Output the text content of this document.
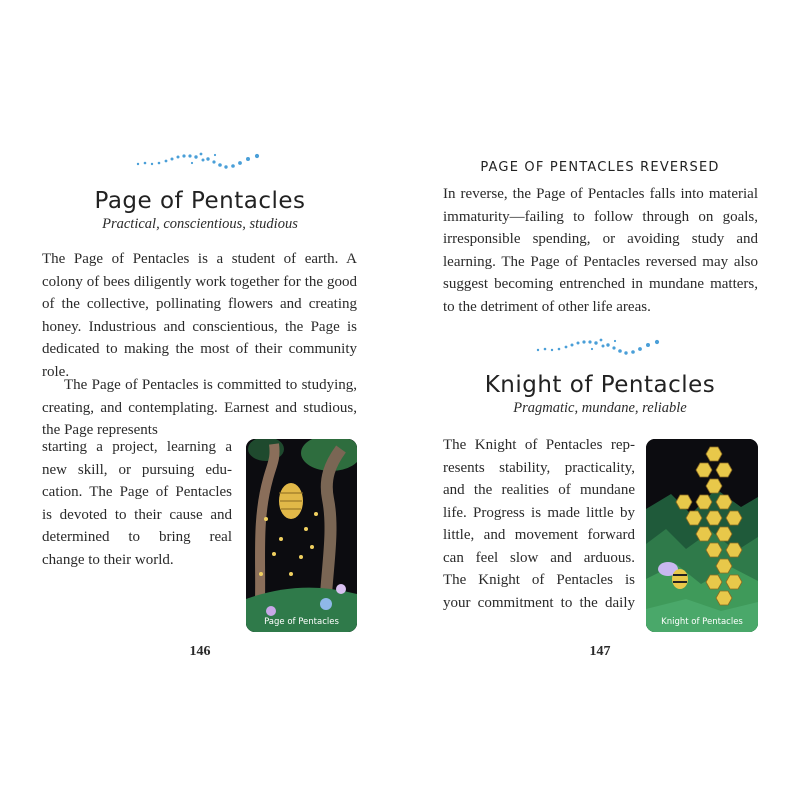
Page of Pentacles

Practical, conscientious, studious

The Page of Pentacles is a student of earth. A colony of bees diligently work together for the good of the collective, pollinating flowers and creating honey. Industrious and conscientious, the Page is dedicated to making the most of their community role.

The Page of Pentacles is committed to studying, creating, and contemplating. Earnest and studious, the Page represents

starting a project, learning a
new skill, or pursuing edu-
cation. The Page of Pentacles
is devoted to their cause and
determined to bring real
change to their world.
Page of Pentacles
146

PAGE OF PENTACLES REVERSED

In reverse, the Page of Pentacles falls into material immaturity—failing to follow through on goals, irresponsible spending, or avoiding study and learning. The Page of Pentacles reversed may also suggest becoming entrenched in mundane matters, to the detriment of other life areas.

Knight of Pentacles

Pragmatic, mundane, reliable

The Knight of Pentacles rep-
resents stability, practicality,
and the realities of mundane
life. Progress is made little by
little, and movement forward
can feel slow and arduous.
The Knight of Pentacles is
your commitment to the daily
Knight of Pentacles
147
